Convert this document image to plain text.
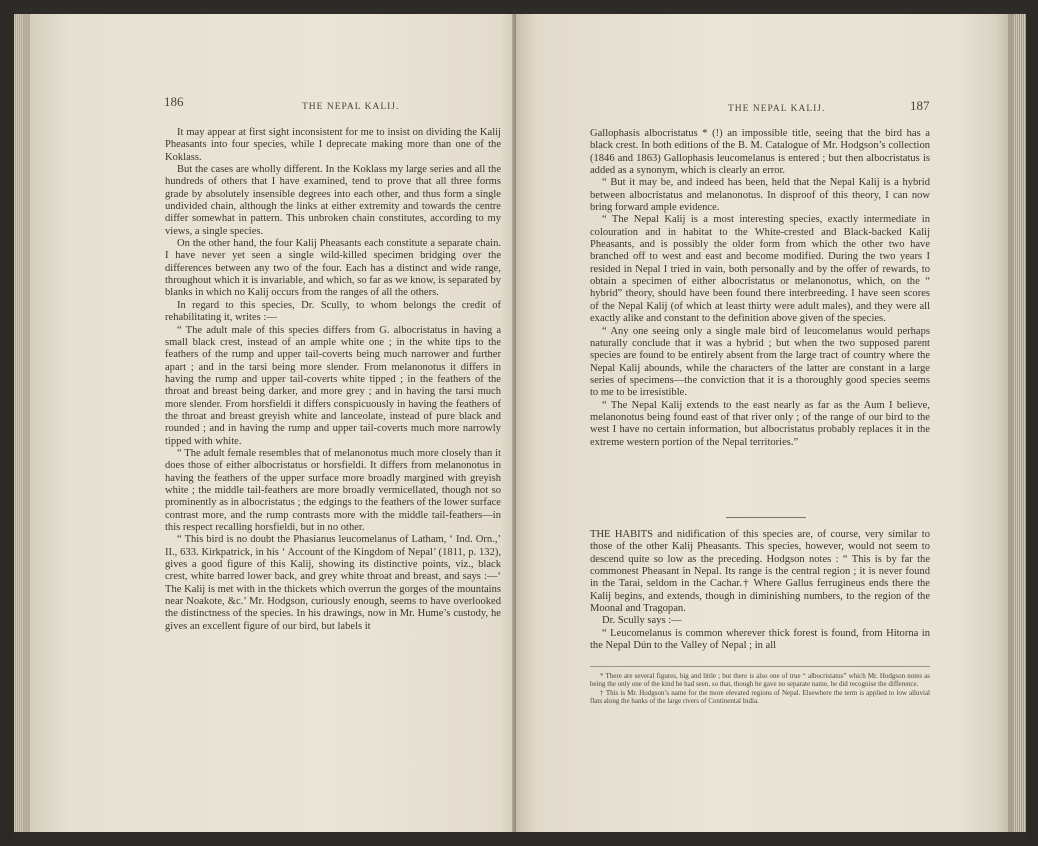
186	THE NEPAL KALIJ.

It may appear at first sight inconsistent for me to insist on dividing the Kalij Pheasants into four species, while I deprecate making more than one of the Koklass.

But the cases are wholly different. In the Koklass my large series and all the hundreds of others that I have examined, tend to prove that all three forms grade by absolutely insensible degrees into each other, and thus form a single undivided chain, although the links at either extremity and towards the centre differ somewhat in pattern. This unbroken chain constitutes, according to my views, a single species.

On the other hand, the four Kalij Pheasants each constitute a separate chain. I have never yet seen a single wild-killed specimen bridging over the differences between any two of the four. Each has a distinct and wide range, throughout which it is invariable, and which, so far as we know, is separated by blanks in which no Kalij occurs from the ranges of all the others.

In regard to this species, Dr. Scully, to whom belongs the credit of rehabilitating it, writes :—

“ The adult male of this species differs from G. albocristatus in having a small black crest, instead of an ample white one ; in the white tips to the feathers of the rump and upper tail-coverts being much narrower and further apart ; and in the tarsi being more slender. From melanonotus it differs in having the rump and upper tail-coverts white tipped ; in the feathers of the throat and breast being darker, and more grey ; and in having the tarsi much more slender. From horsfieldi it differs conspicuously in having the feathers of the throat and breast greyish white and lanceolate, instead of pure black and rounded ; and in having the rump and upper tail-coverts much more narrowly tipped with white.

“ The adult female resembles that of melanonotus much more closely than it does those of either albocristatus or horsfieldi. It differs from melanonotus in having the feathers of the upper surface more broadly margined with greyish white ; the middle tail-feathers are more broadly vermicellated, though not so prominently as in albocristatus ; the edgings to the feathers of the lower surface contrast more, and the rump contrasts more with the middle tail-feathers—in this respect recalling horsfieldi, but in no other.

“ This bird is no doubt the Phasianus leucomelanus of Latham, ‘ Ind. Orn.,’ II., 633. Kirkpatrick, in his ‘ Account of the Kingdom of Nepal’ (1811, p. 132), gives a good figure of this Kalij, showing its distinctive points, viz., black crest, white barred lower back, and grey white throat and breast, and says :—‘ The Kalij is met with in the thickets which overrun the gorges of the mountains near Noakote, &c.’ Mr. Hodgson, curiously enough, seems to have overlooked the distinctness of the species. In his drawings, now in Mr. Hume’s custody, he gives an excellent figure of our bird, but labels it

THE NEPAL KALIJ.	187

Gallophasis albocristatus * (!) an impossible title, seeing that the bird has a black crest. In both editions of the B. M. Catalogue of Mr. Hodgson’s collection (1846 and 1863) Gallophasis leucomelanus is entered ; but then albocristatus is added as a synonym, which is clearly an error.

“ But it may be, and indeed has been, held that the Nepal Kalij is a hybrid between albocristatus and melanonotus. In disproof of this theory, I can now bring forward ample evidence.

“ The Nepal Kalij is a most interesting species, exactly intermediate in colouration and in habitat to the White-crested and Black-backed Kalij Pheasants, and is possibly the older form from which the other two have branched off to west and east and become modified. During the two years I resided in Nepal I tried in vain, both personally and by the offer of rewards, to obtain a specimen of either albocristatus or melanonotus, which, on the “ hybrid” theory, should have been found there interbreeding. I have seen scores of the Nepal Kalij (of which at least thirty were adult males), and they were all exactly alike and constant to the definition above given of the species.

“ Any one seeing only a single male bird of leucomelanus would perhaps naturally conclude that it was a hybrid ; but when the two supposed parent species are found to be entirely absent from the large tract of country where the Nepal Kalij abounds, while the characters of the latter are constant in a large series of specimens—the conviction that it is a thoroughly good species seems to me to be irresistible.

“ The Nepal Kalij extends to the east nearly as far as the Aum I believe, melanonotus being found east of that river only ; of the range of our bird to the west I have no certain information, but albocristatus probably replaces it in the extreme western portion of the Nepal territories.”

THE HABITS and nidification of this species are, of course, very similar to those of the other Kalij Pheasants. This species, however, would not seem to descend quite so low as the preceding. Hodgson notes : “ This is by far the commonest Pheasant in Nepal. Its range is the central region ; it is never found in the Tarai, seldom in the Cachar.† Where Gallus ferrugineus ends there the Kalij begins, and extends, though in diminishing numbers, to the region of the Moonal and Tragopan.

Dr. Scully says :—

“ Leucomelanus is common wherever thick forest is found, from Hitorna in the Nepal Dún to the Valley of Nepal ; in all

* There are several figures, big and little ; but there is also one of true “ albocristatus” which Mr. Hodgson notes as being the only one of the kind he had seen, so that, though he gave no separate name, he did recognise the difference.

† This is Mr. Hodgson’s name for the more elevated regions of Nepal. Elsewhere the term is applied to low alluvial flats along the banks of the large rivers of Continental India.
